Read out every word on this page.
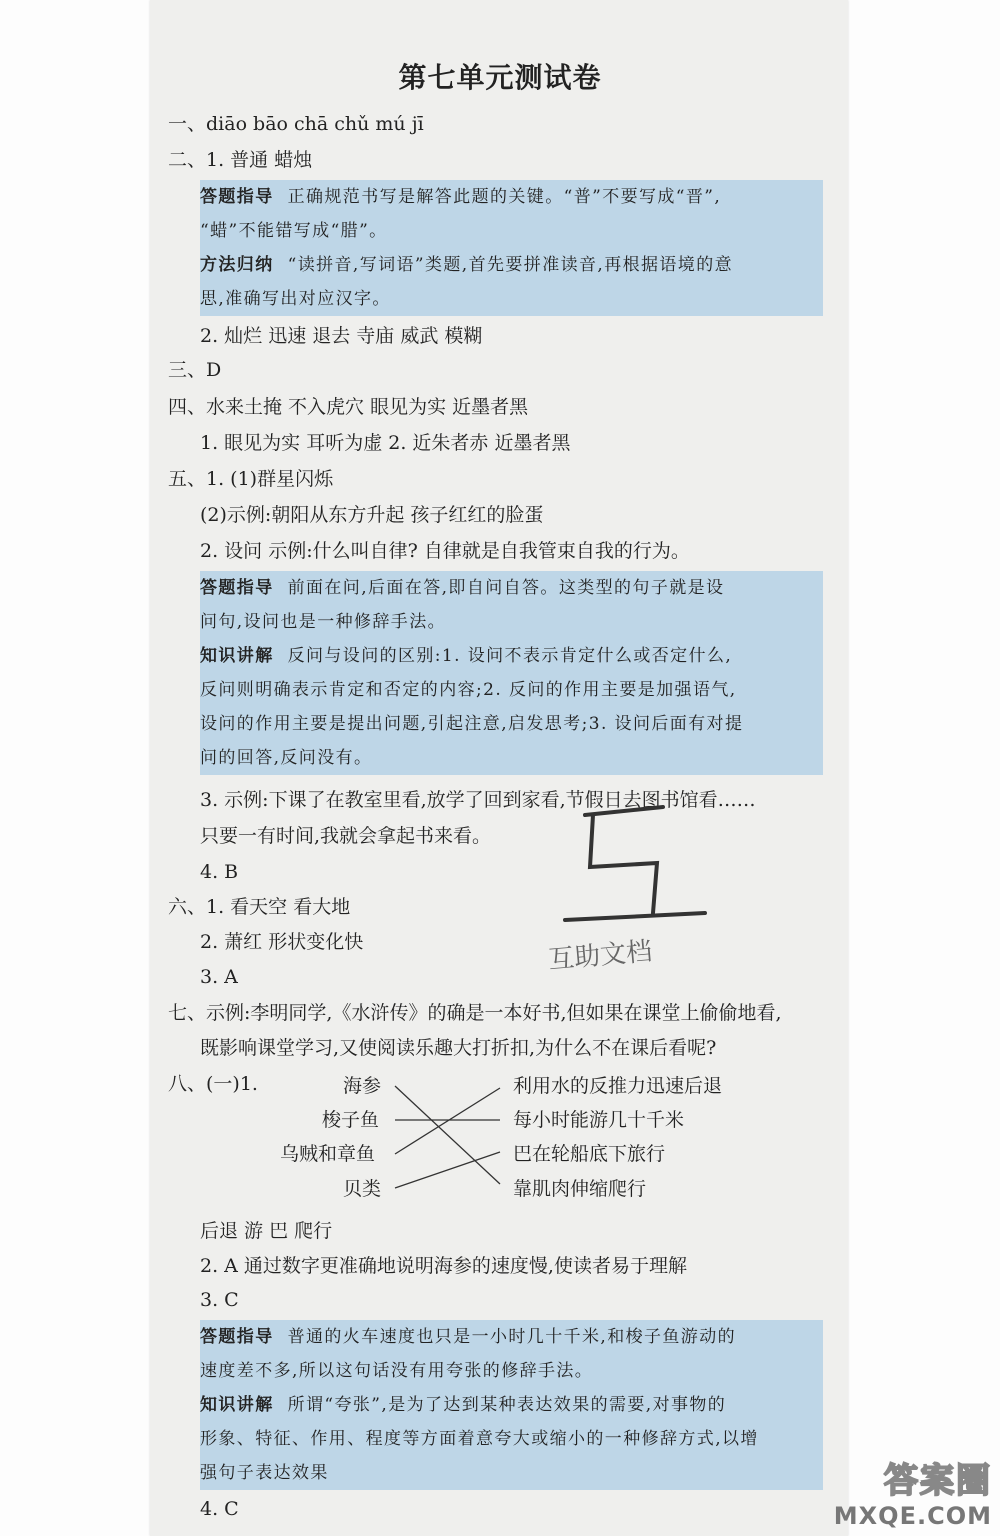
第七单元测试卷
一、diāo bāo chā chǔ mú jī
二、1. 普通 蜡烛
答题指导 正确规范书写是解答此题的关键。“普”不要写成“晋”,
“蜡”不能错写成“腊”。
方法归纳 “读拼音,写词语”类题,首先要拼准读音,再根据语境的意
思,准确写出对应汉字。
2. 灿烂 迅速 退去 寺庙 威武 模糊
三、D
四、水来土掩 不入虎穴 眼见为实 近墨者黑
1. 眼见为实 耳听为虚 2. 近朱者赤 近墨者黑
五、1. (1)群星闪烁
(2)示例:朝阳从东方升起 孩子红红的脸蛋
2. 设问 示例:什么叫自律? 自律就是自我管束自我的行为。
答题指导 前面在问,后面在答,即自问自答。这类型的句子就是设
问句,设问也是一种修辞手法。
知识讲解 反问与设问的区别:1. 设问不表示肯定什么或否定什么,
反问则明确表示肯定和否定的内容;2. 反问的作用主要是加强语气,
设问的作用主要是提出问题,引起注意,启发思考;3. 设问后面有对提
问的回答,反问没有。
3. 示例:下课了在教室里看,放学了回到家看,节假日去图书馆看……
只要一有时间,我就会拿起书来看。
4. B
六、1. 看天空 看大地
2. 萧红 形状变化快
3. A
互助文档
七、示例:李明同学,《水浒传》的确是一本好书,但如果在课堂上偷偷地看,
既影响课堂学习,又使阅读乐趣大打折扣,为什么不在课后看呢?
八、(一)1.	海参
梭子鱼
乌贼和章鱼
贝类
利用水的反推力迅速后退
每小时能游几十千米
巴在轮船底下旅行
靠肌肉伸缩爬行
后退 游 巴 爬行
2. A 通过数字更准确地说明海参的速度慢,使读者易于理解
3. C
答题指导 普通的火车速度也只是一小时几十千米,和梭子鱼游动的
速度差不多,所以这句话没有用夸张的修辞手法。
知识讲解 所谓“夸张”,是为了达到某种表达效果的需要,对事物的
形象、特征、作用、程度等方面着意夸大或缩小的一种修辞方式,以增
强句子表达效果
4. C
答案圈
MXQE.COM
